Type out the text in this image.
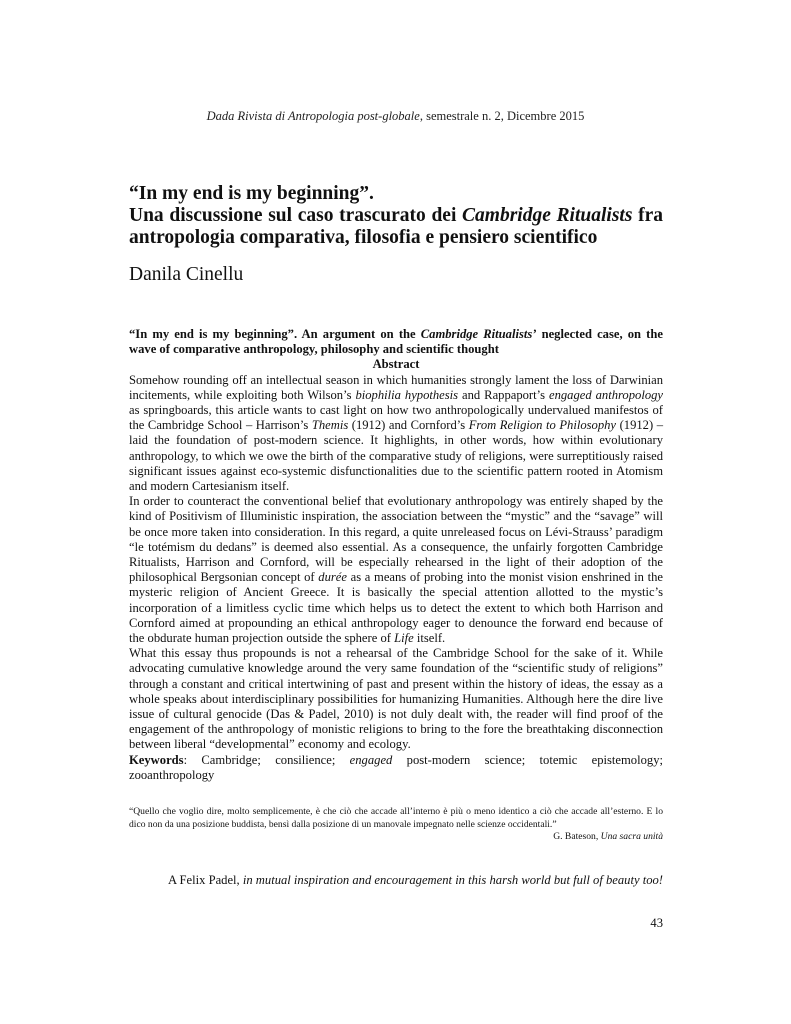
Dada Rivista di Antropologia post-globale, semestrale n. 2, Dicembre 2015
“In my end is my beginning”.
Una discussione sul caso trascurato dei Cambridge Ritualists fra
antropologia comparativa, filosofia e pensiero scientifico
Danila Cinellu
“In my end is my beginning”. An argument on the Cambridge Ritualists’ neglected case, on the wave of comparative anthropology, philosophy and scientific thought
Abstract

Somehow rounding off an intellectual season in which humanities strongly lament the loss of Darwinian incitements, while exploiting both Wilson’s biophilia hypothesis and Rappaport’s engaged anthropology as springboards, this article wants to cast light on how two anthropologically undervalued manifestos of the Cambridge School – Harrison’s Themis (1912) and Cornford’s From Religion to Philosophy (1912) – laid the foundation of post-modern science. It highlights, in other words, how within evolutionary anthropology, to which we owe the birth of the comparative study of religions, were surreptitiously raised significant issues against eco-systemic disfunctionalities due to the scientific pattern rooted in Atomism and modern Cartesianism itself.

In order to counteract the conventional belief that evolutionary anthropology was entirely shaped by the kind of Positivism of Illuministic inspiration, the association between the “mystic” and the “savage” will be once more taken into consideration. In this regard, a quite unreleased focus on Lévi-Strauss’ paradigm “le totémism du dedans” is deemed also essential. As a consequence, the unfairly forgotten Cambridge Ritualists, Harrison and Cornford, will be especially rehearsed in the light of their adoption of the philosophical Bergsonian concept of durée as a means of probing into the monist vision enshrined in the mysteric religion of Ancient Greece. It is basically the special attention allotted to the mystic’s incorporation of a limitless cyclic time which helps us to detect the extent to which both Harrison and Cornford aimed at propounding an ethical anthropology eager to denounce the forward end because of the obdurate human projection outside the sphere of Life itself.

What this essay thus propounds is not a rehearsal of the Cambridge School for the sake of it. While advocating cumulative knowledge around the very same foundation of the “scientific study of religions” through a constant and critical intertwining of past and present within the history of ideas, the essay as a whole speaks about interdisciplinary possibilities for humanizing Humanities. Although here the dire live issue of cultural genocide (Das & Padel, 2010) is not duly dealt with, the reader will find proof of the engagement of the anthropology of monistic religions to bring to the fore the breathtaking disconnection between liberal “developmental” economy and ecology.

Keywords: Cambridge; consilience; engaged post-modern science; totemic epistemology; zooanthropology

“Quello che voglio dire, molto semplicemente, è che ciò che accade all’interno è più o meno identico a ciò che accade all’esterno. E lo dico non da una posizione buddista, bensì dalla posizione di un manovale impegnato nelle scienze occidentali.”
G. Bateson, Una sacra unità
A Felix Padel, in mutual inspiration and encouragement in this harsh world but full of beauty too!
43
